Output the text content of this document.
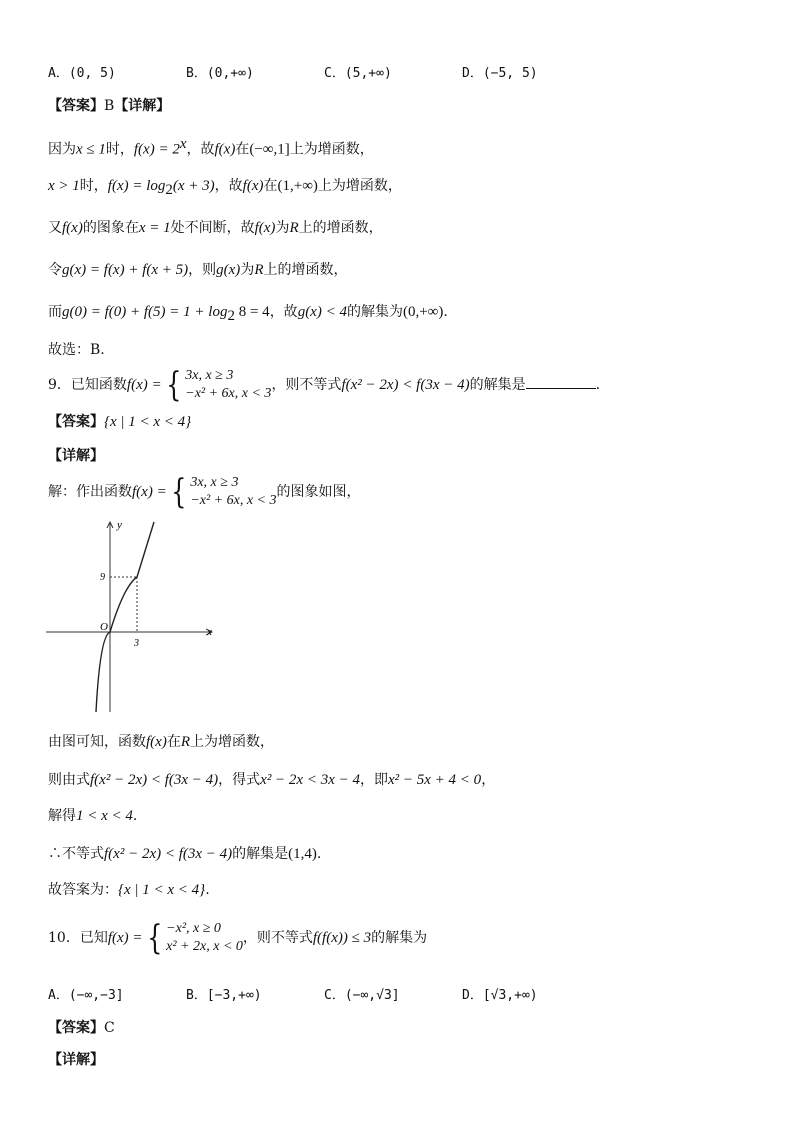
A．(0, 5)	B．(0,+∞)	C．(5,+∞)	D．(−5, 5)
【答案】B【详解】
因为x ≤ 1时，$f(x) = 2^x$，故f(x)在(−∞,1]上为增函数，
x > 1时，$f(x) = \log_2(x + 3)$，故f(x)在(1,+∞)上为增函数，
又f(x)的图象在x = 1处不间断，故f(x)为R上的增函数，
令g(x) = f(x) + f(x + 5)，则g(x)为R上的增函数，
而$g(0) = f(0) + f(5) = 1 + \log_2 8 = 4$，故g(x) < 4的解集为(0,+∞).
故选：B.
9．已知函数f(x) = { 3x, x ≥ 3
−x² + 6x, x < 3
，则不等式f(x² − 2x) < f(3x − 4)的解集是	.
【答案】{x | 1 < x < 4}
【详解】
解：作出函数f(x) = { 3x, x ≥ 3
−x² + 6x, x < 3
的图象如图，
y
x
O
3
9
由图可知，函数f(x)在R上为增函数，
则由式f(x² − 2x) < f(3x − 4)，得式x² − 2x < 3x − 4，即x² − 5x + 4 < 0，
解得1 < x < 4.
∴不等式f(x² − 2x) < f(3x − 4)的解集是(1,4).
故答案为：{x | 1 < x < 4}.
10．已知f(x) = { −x², x ≥ 0
x² + 2x, x < 0
，则不等式f(f(x)) ≤ 3的解集为
A．(−∞,−3]	B．[−3,+∞)	C．(−∞,√3]	D．[√3,+∞)
【答案】C
【详解】
